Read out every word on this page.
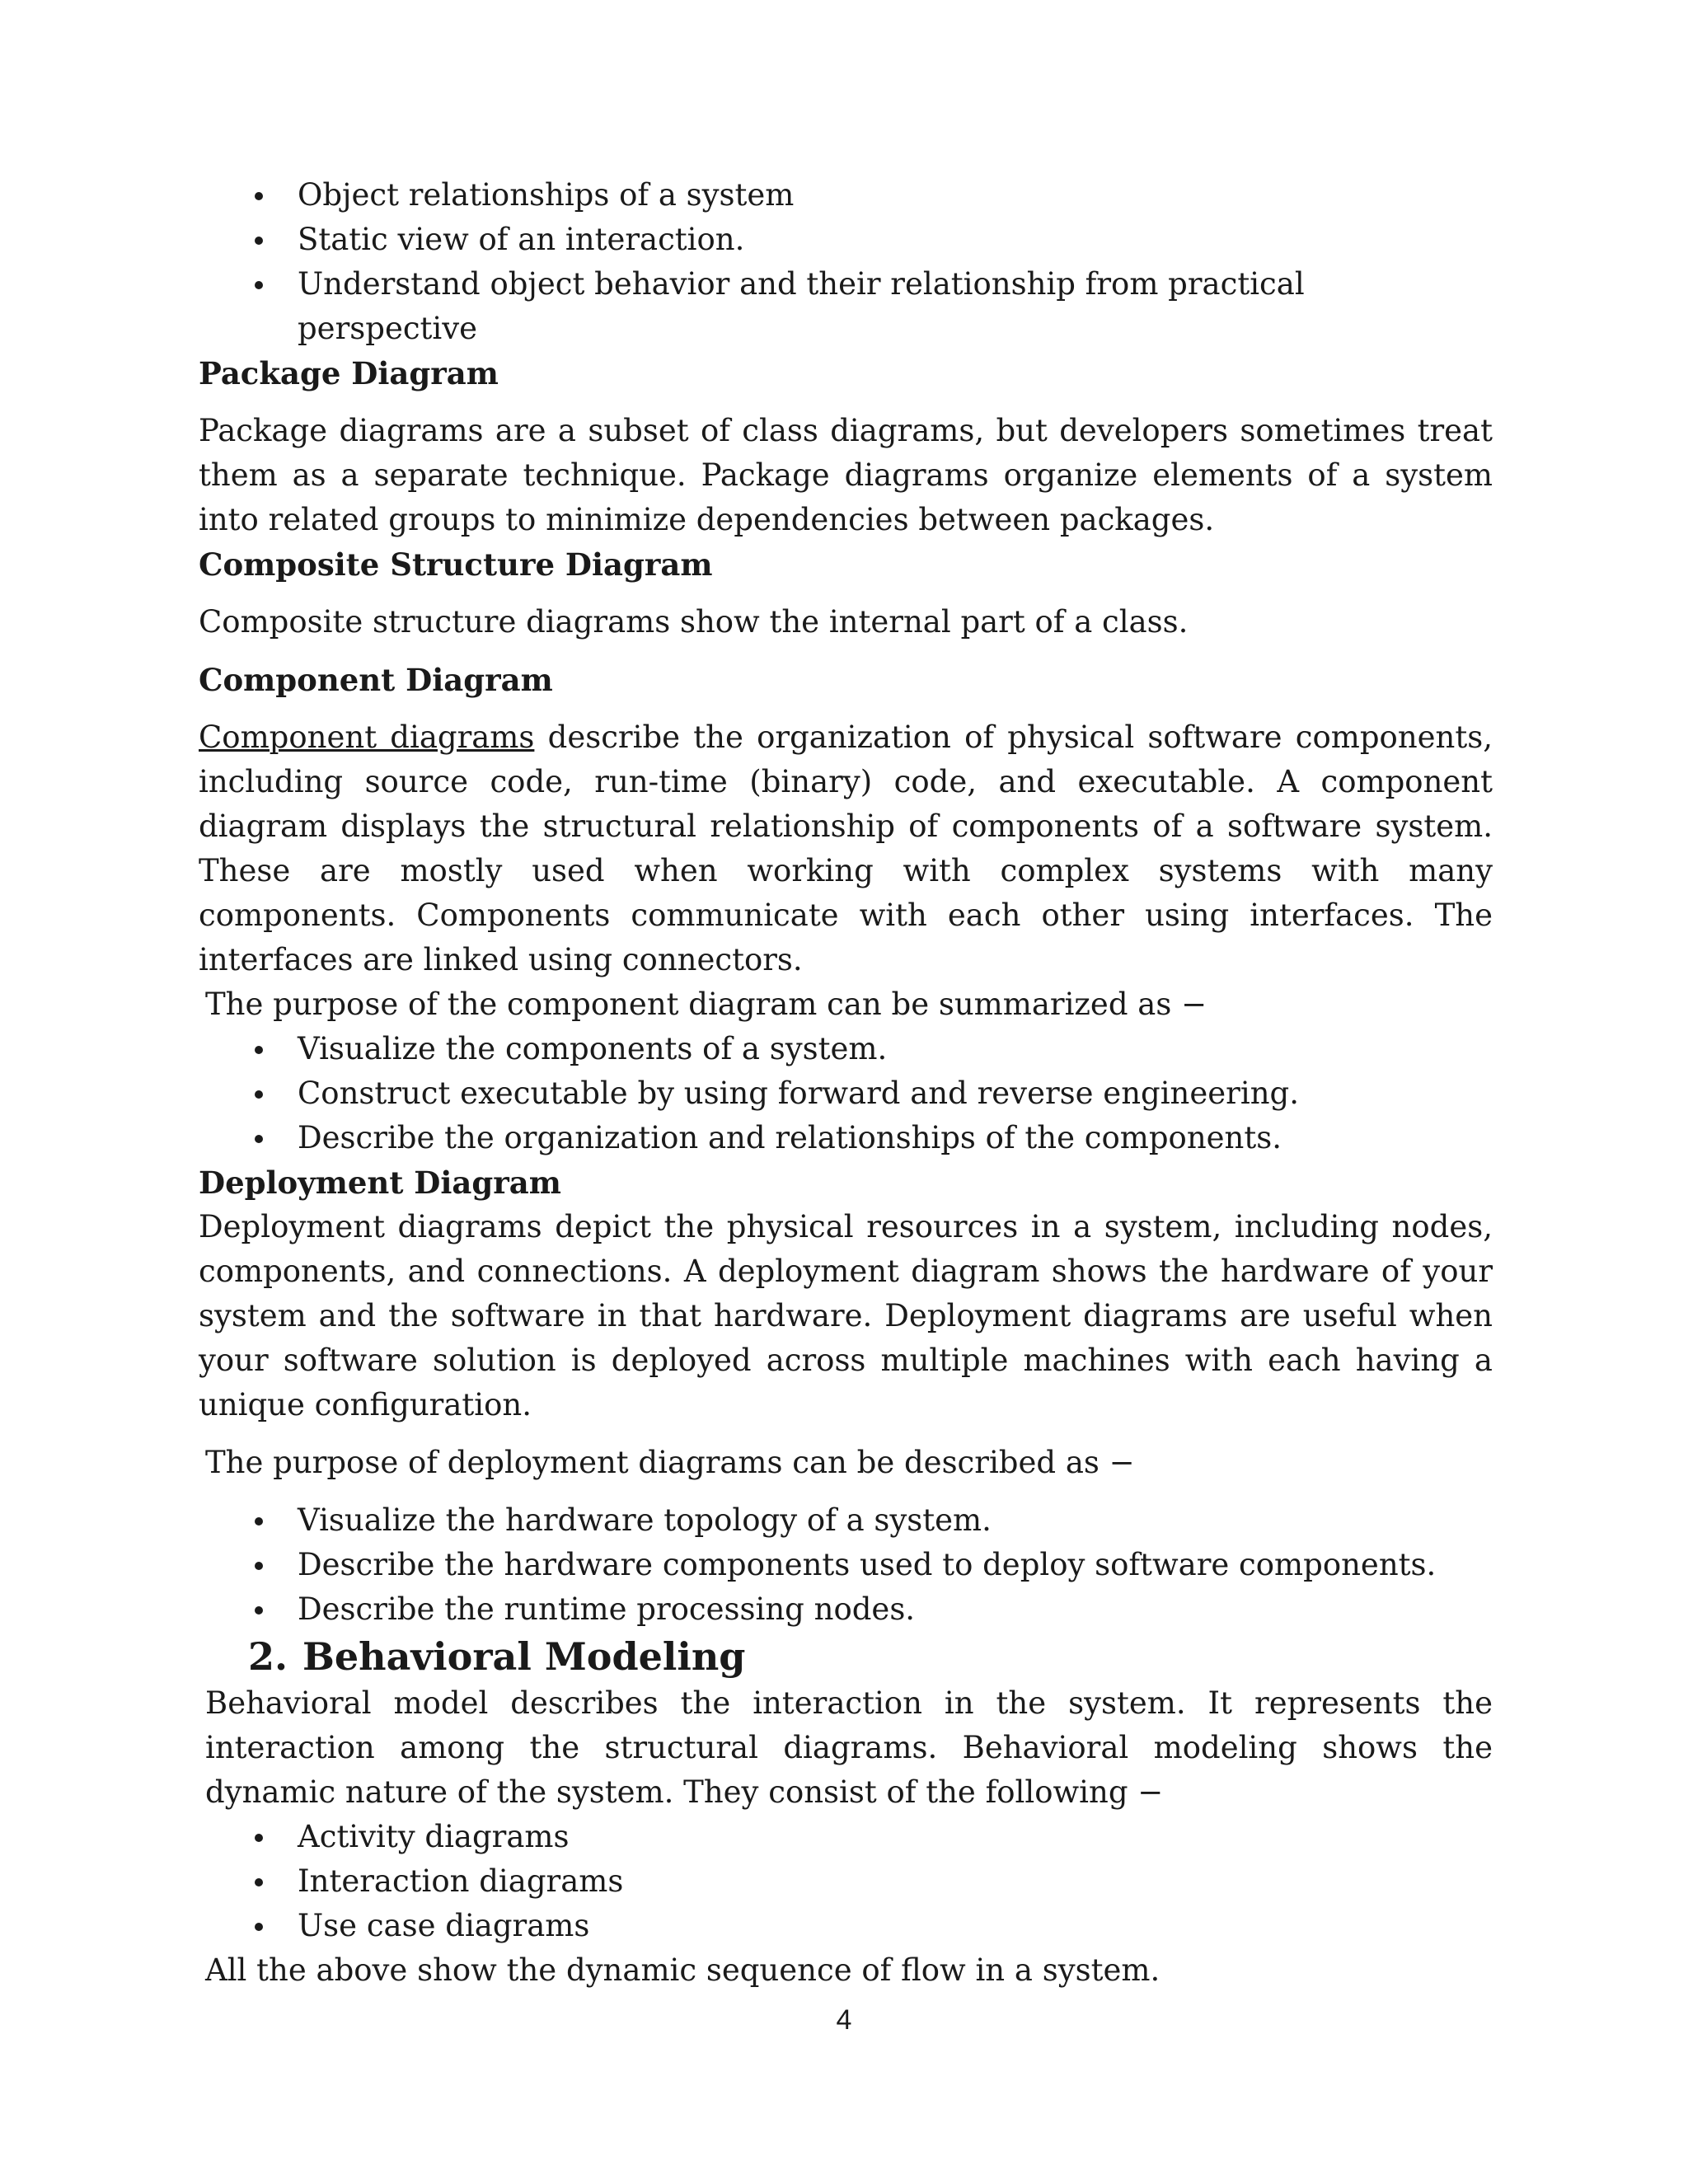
Object relationships of a system
Static view of an interaction.
Understand object behavior and their relationship from practical perspective
Package Diagram

Package diagrams are a subset of class diagrams, but developers sometimes treat them as a separate technique. Package diagrams organize elements of a system into related groups to minimize dependencies between packages.

Composite Structure Diagram

Composite structure diagrams show the internal part of a class.

Component Diagram

Component diagrams describe the organization of physical software components, including source code, run-time (binary) code, and executable. A component diagram displays the structural relationship of components of a software system. These are mostly used when working with complex systems with many components. Components communicate with each other using interfaces. The interfaces are linked using connectors.

The purpose of the component diagram can be summarized as −

Visualize the components of a system.
Construct executable by using forward and reverse engineering.
Describe the organization and relationships of the components.
Deployment Diagram

Deployment diagrams depict the physical resources in a system, including nodes, components, and connections. A deployment diagram shows the hardware of your system and the software in that hardware. Deployment diagrams are useful when your software solution is deployed across multiple machines with each having a unique configuration.

The purpose of deployment diagrams can be described as −

Visualize the hardware topology of a system.
Describe the hardware components used to deploy software components.
Describe the runtime processing nodes.
2. Behavioral Modeling

Behavioral model describes the interaction in the system. It represents the interaction among the structural diagrams. Behavioral modeling shows the dynamic nature of the system. They consist of the following −

Activity diagrams
Interaction diagrams
Use case diagrams

All the above show the dynamic sequence of flow in a system.

4
